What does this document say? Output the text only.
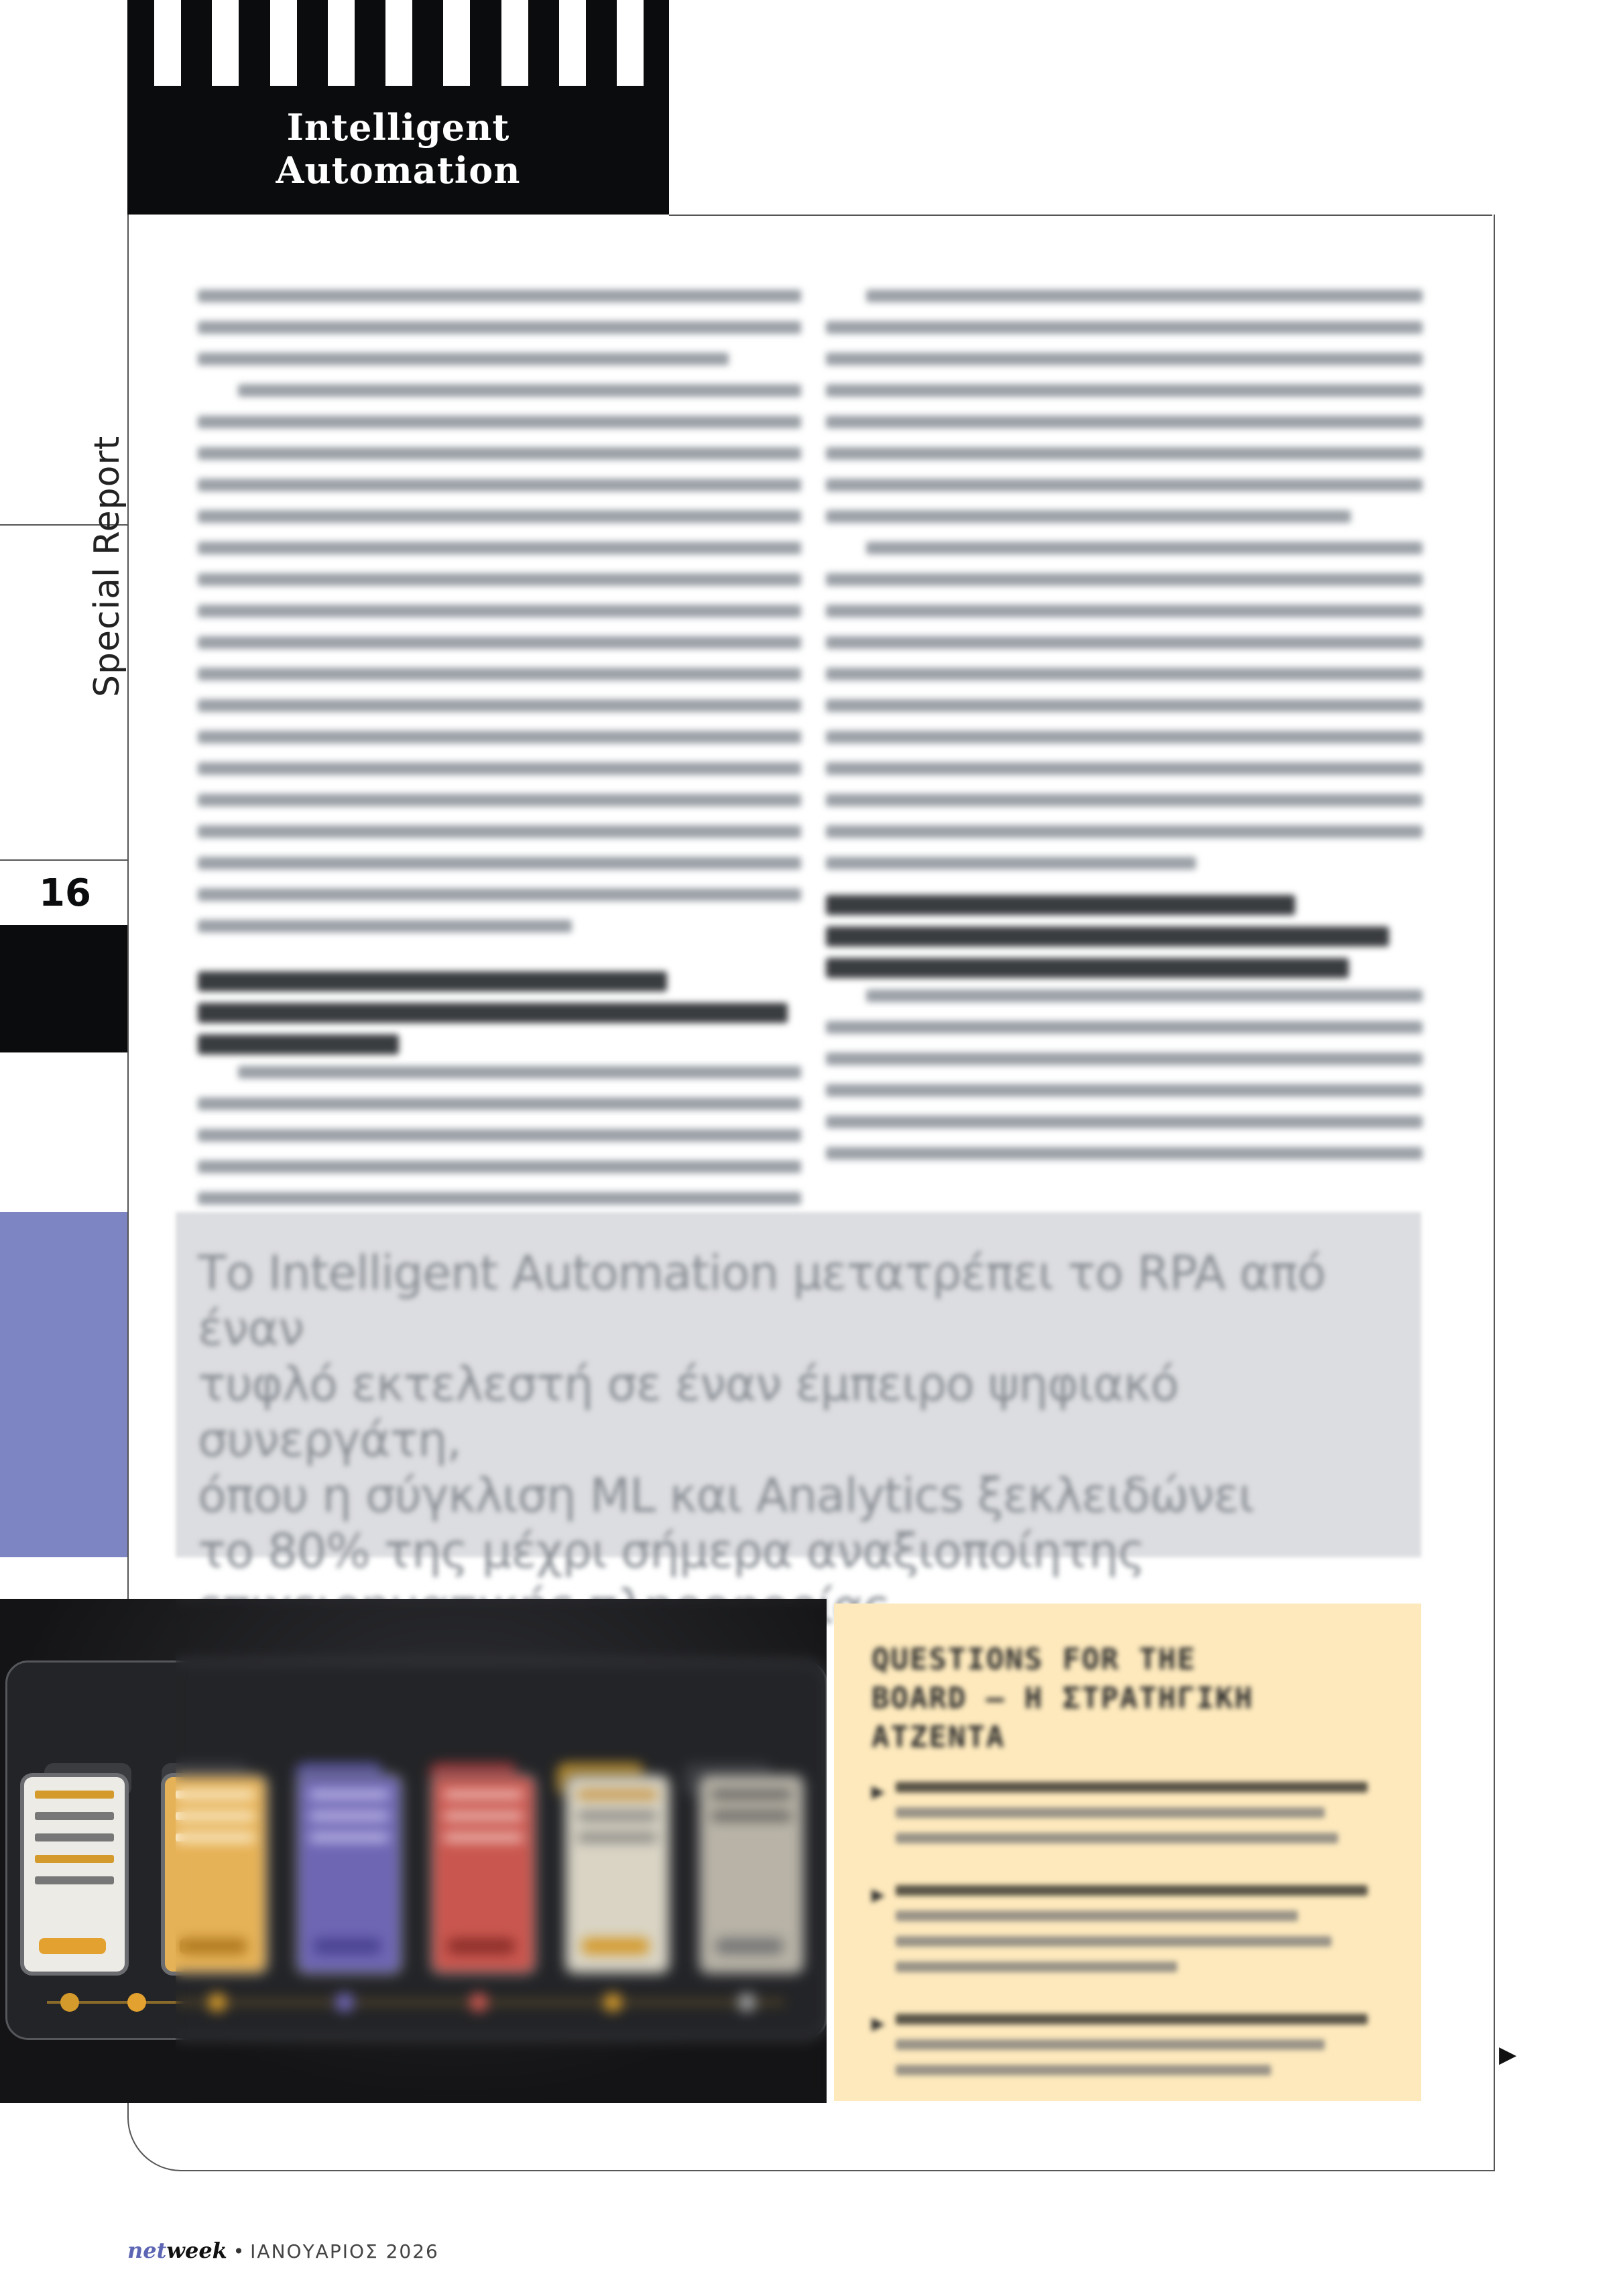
Intelligent
Automation
Special Report
16
Το Intelligent Automation μετατρέπει το RPA από έναν
τυφλό εκτελεστή σε έναν έμπειρο ψηφιακό συνεργάτη,
όπου η σύγκλιση ML και Analytics ξεκλειδώνει
το 80% της μέχρι σήμερα αναξιοποίητης
QUESTIONS FOR THE
BOARD – Η ΣΤΡΑΤΗΓΙΚΗ
ΑΤΖΕΝΤΑ
▶
▶
▶
▶
netweek • ΙΑΝΟΥΑΡΙΟΣ 2026
